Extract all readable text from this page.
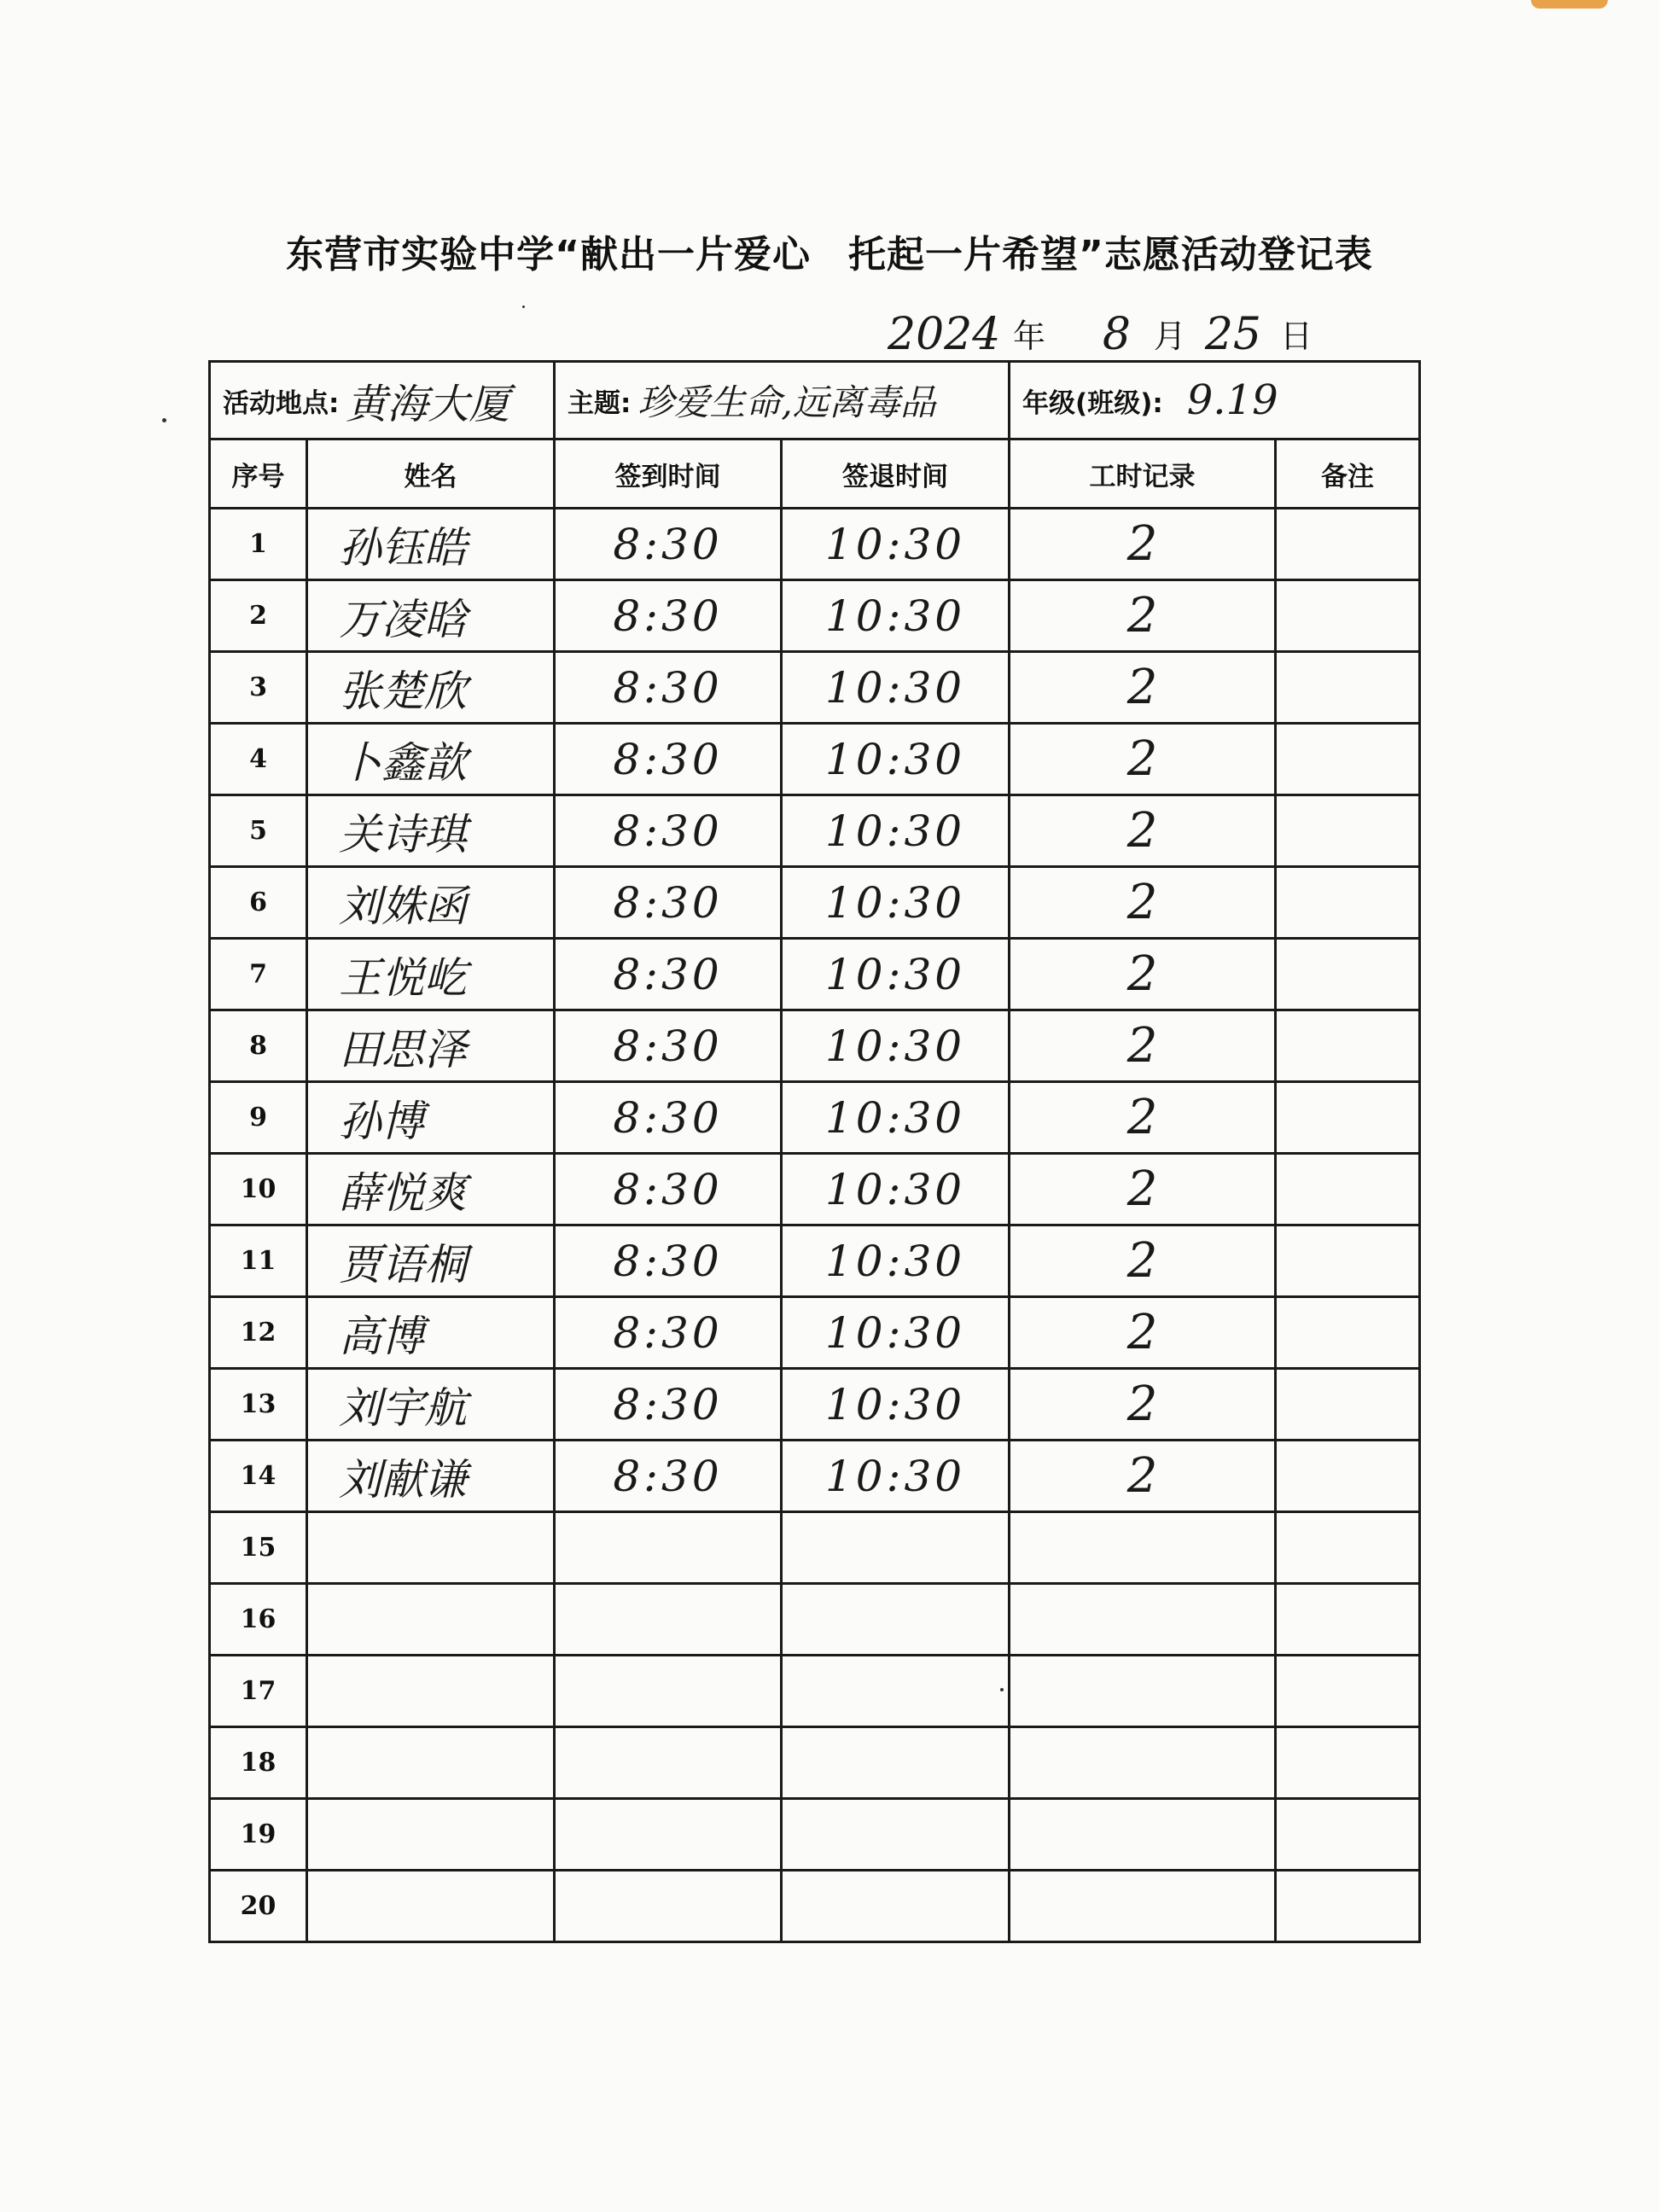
东营市实验中学“献出一片爱心 托起一片希望”志愿活动登记表
2024 年 8 月 25 日
活动地点: 黄海大厦		主题: 珍爱生命,远离毒品		年级(班级): 9.19	

序号	姓名	签到时间	签退时间	工时记录	备注
1	孙钰皓	8:30	10:30	2	
2	万凌晗	8:30	10:30	2	
3	张楚欣	8:30	10:30	2	
4	卜鑫歆	8:30	10:30	2	
5	关诗琪	8:30	10:30	2	
6	刘姝函	8:30	10:30	2	
7	王悦屹	8:30	10:30	2	
8	田思泽	8:30	10:30	2	
9	孙博	8:30	10:30	2	
10	薛悦爽	8:30	10:30	2	
11	贾语桐	8:30	10:30	2	
12	高博	8:30	10:30	2	
13	刘宇航	8:30	10:30	2	
14	刘献谦	8:30	10:30	2	
15					
16					
17					
18					
19					
20					
